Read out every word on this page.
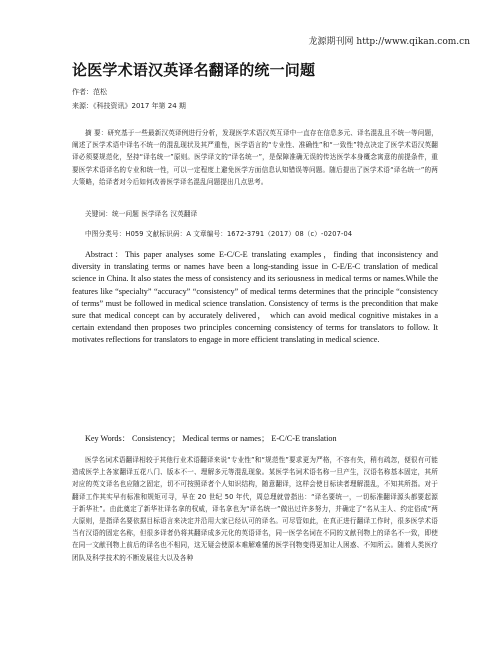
龙源期刊网 http://www.qikan.com.cn
论医学术语汉英译名翻译的统一问题
作者：范松
来源：《科技资讯》2017 年第 24 期

摘 要：研究基于一些最新汉英译例进行分析，发现医学术语汉英互译中一直存在信息多元、译名混乱且不统一等问题，阐述了医学术语中译名不统一的混乱现状及其严重性，医学语言的“专业性、准确性”和“一致性”特点决定了医学术语汉英翻译必须要规范化，坚持“译名统一”原则。医学译文的“译名统一”，是保障准确无误的传达医学本身概念寓意的前提条件，重要医学术语译名的专业和统一性，可以一定程度上避免医学方面信息认知错误等问题。随后提出了医学术语“译名统一”的两大策略，给译者对今后如何改善医学译名混乱问题提出几点思考。

关键词：统一问题 医学译名 汉英翻译

中图分类号：H059 文献标识码：A 文章编号：1672-3791（2017）08（c）-0207-04

Abstract：This paper analyses some E-C/C-E translating examples，finding that inconsistency and diversity in translating terms or names have been a long-standing issue in C-E/E-C translation of medical science in China. It also states the mess of consistency and its seriousness in medical terms or names.While the features like “specialty” “accuracy” “consistency” of medical terms determines that the principle “consistency of terms” must be followed in medical science translation. Consistency of terms is the precondition that make sure that medical concept can by accurately delivered， which can avoid medical cognitive mistakes in a certain extendand then proposes two principles concerning consistency of terms for translators to follow. It motivates reflections for translators to engage in more efficient translating in medical science.

Key Words： Consistency； Medical terms or names； E-C/C-E translation

医学名词术语翻译相较于其他行业术语翻译来说“专业性”和“规范性”要求更为严格，不容有失，稍有疏忽，便很有可能造成医学上各家翻译五花八门、版本不一、理解多元等混乱现象。某医学名词术语名称一旦产生，汉语名称基本固定，其所对应的英文译名也应随之固定，切不可按照译者个人知识结构，随意翻译，这样会使目标读者理解混乱，不知其所指。对于翻译工作其实早有标准和规矩可寻，早在 20 世纪 50 年代，周总理就曾指出：“译名要统一，一切标准翻译源头都要起源于新华社”。由此奠定了新华社译名拿的权威，译名拿也为“译名统一”做出过许多努力，并确定了“名从主人、约定俗成”两大原则，是指译名要依据目标语言来决定并沿用大家已经认可的译名。可尽管如此，在真正进行翻译工作时，很多医学术语当有汉语的固定名称，但很多译者仍将其翻译成多元化的英语译名，同一医学名词在不同的文献刊物上的译名不一致，即使在同一文献刊物上前后的译名也不相同，这无疑会使原本难解难懂的医学刊物变得更加让人困惑、不知所云。随着人类医疗团队及科学技术的不断发展往大以及各种
